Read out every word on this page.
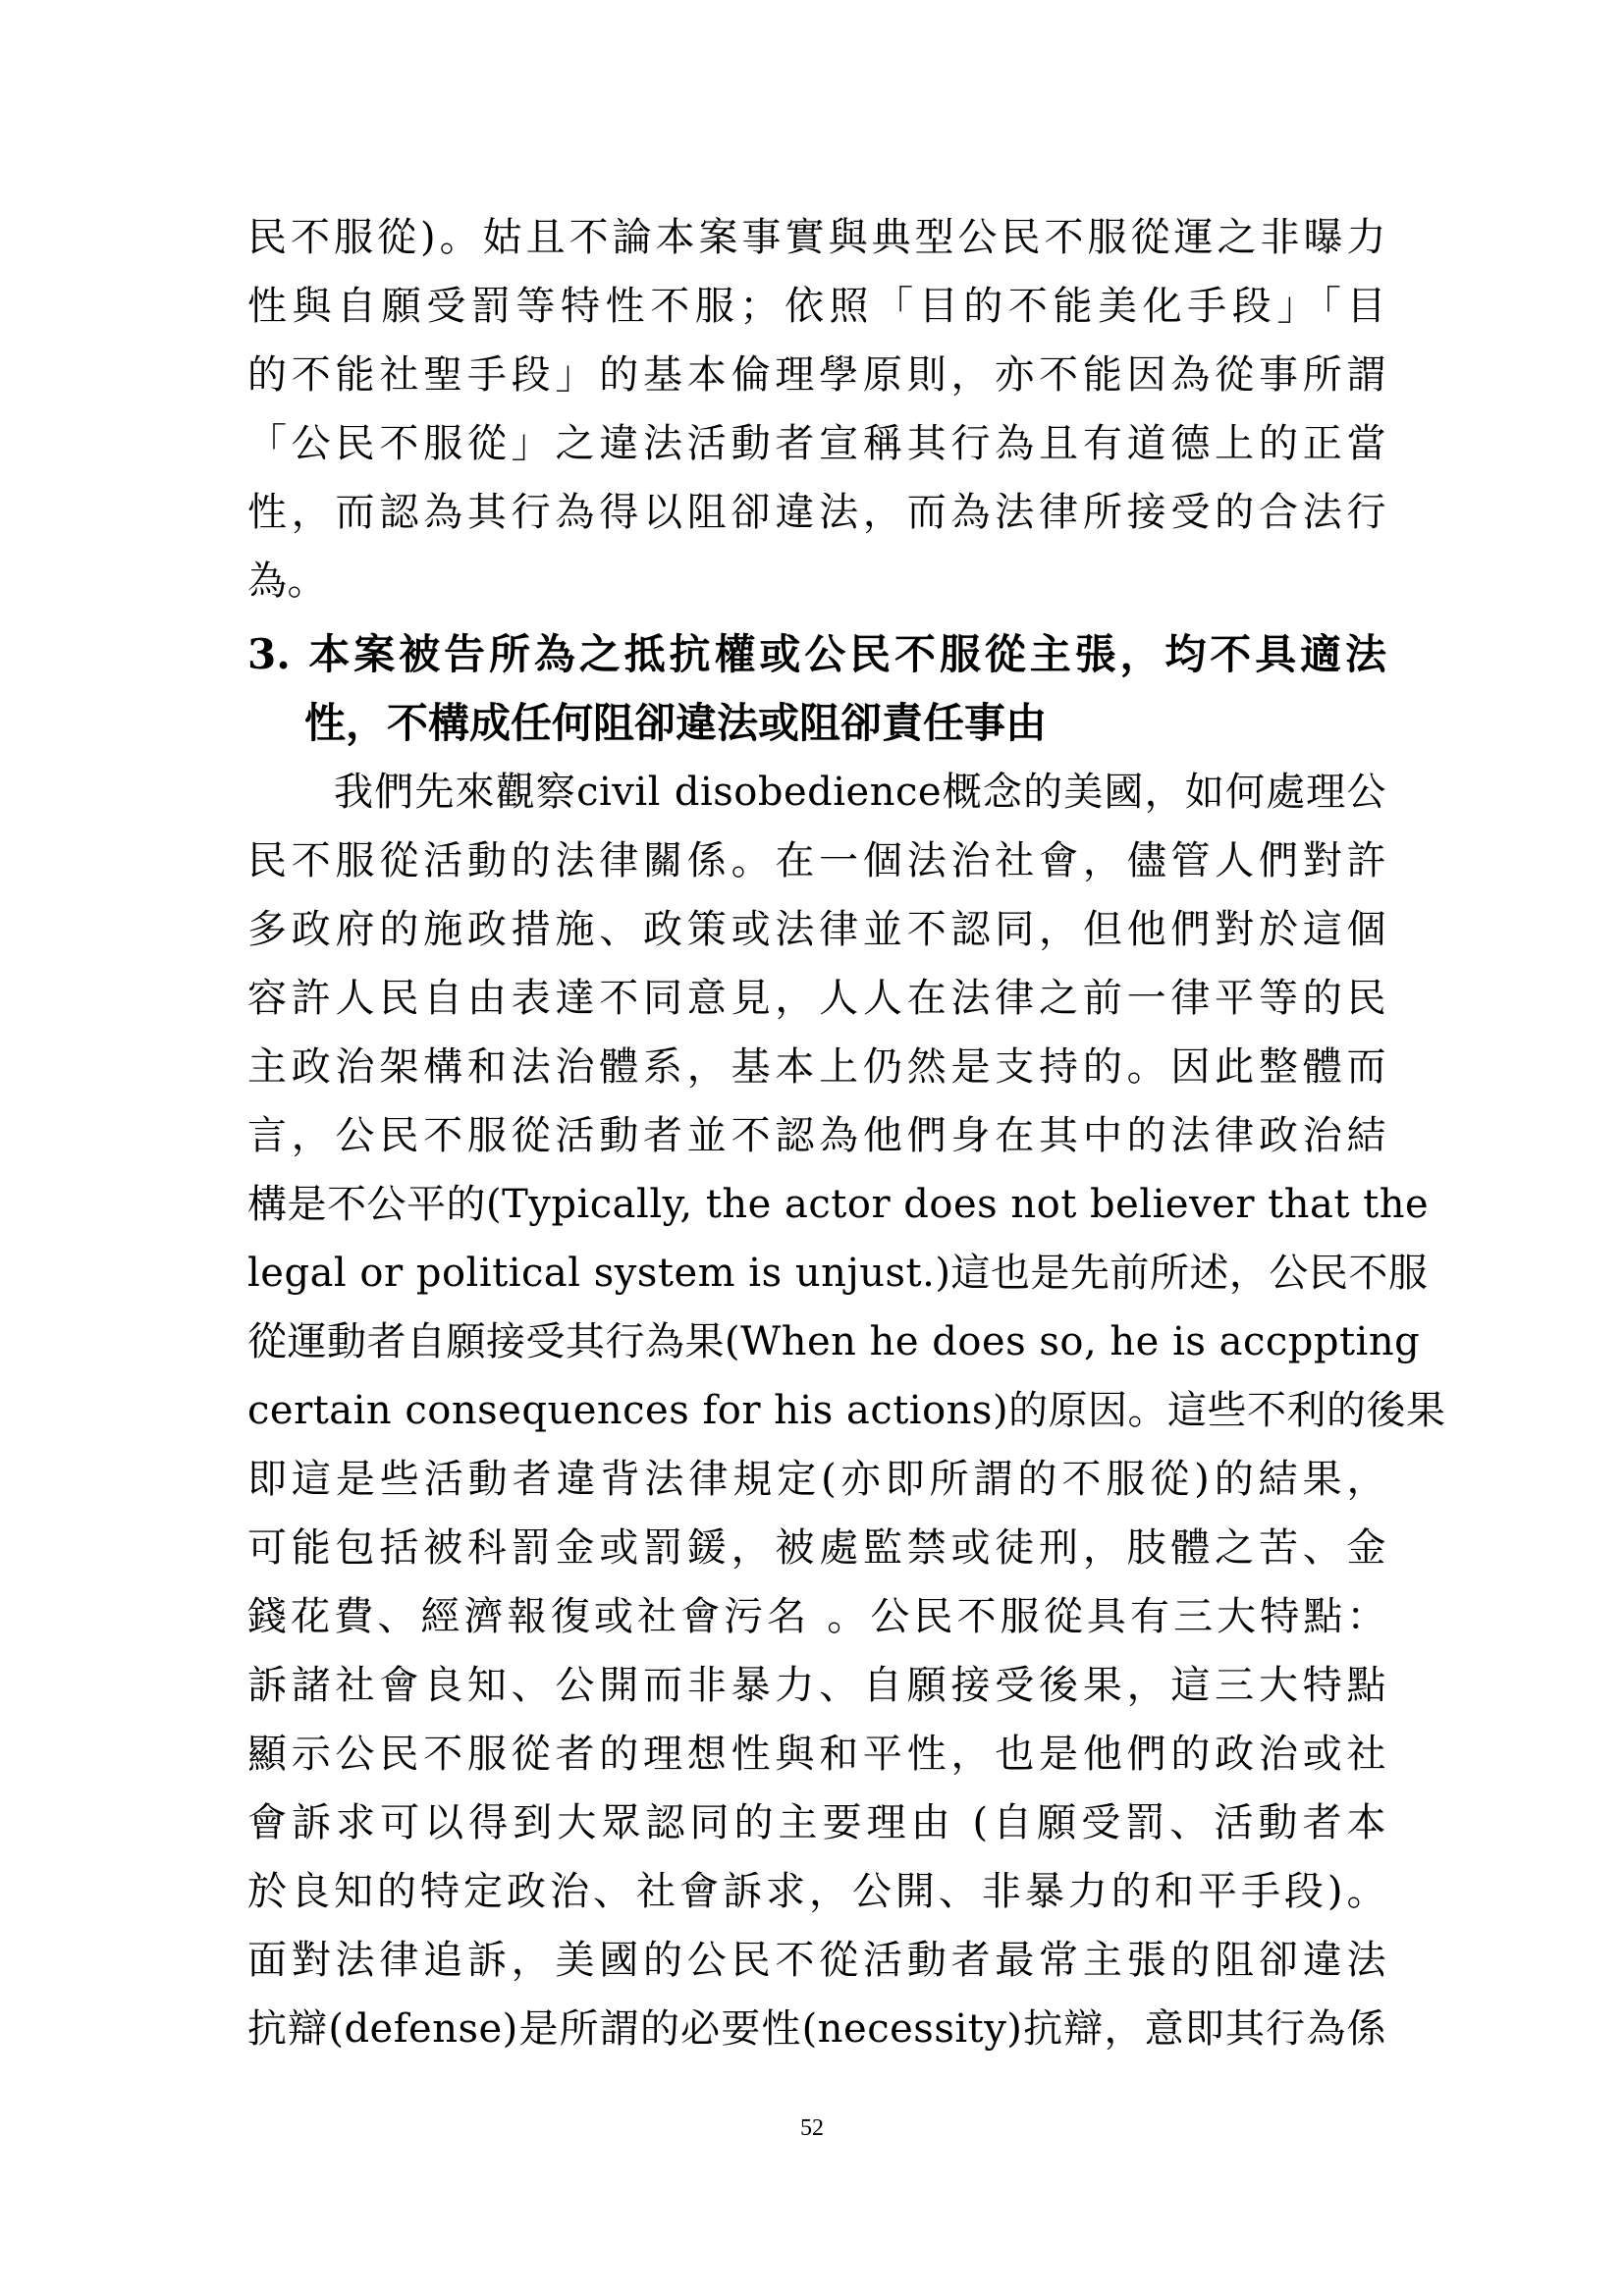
民不服從)。姑且不論本案事實與典型公民不服從運之非曝力
性與自願受罰等特性不服；依照「目的不能美化手段」「目
的不能社聖手段」的基本倫理學原則，亦不能因為從事所謂
「公民不服從」之違法活動者宣稱其行為且有道德上的正當
性，而認為其行為得以阻卻違法，而為法律所接受的合法行
為。
3. 本案被告所為之抵抗權或公民不服從主張，均不具適法
性，不構成任何阻卻違法或阻卻責任事由
我們先來觀察civil disobedience概念的美國，如何處理公
民不服從活動的法律關係。在一個法治社會，儘管人們對許
多政府的施政措施、政策或法律並不認同，但他們對於這個
容許人民自由表達不同意見，人人在法律之前一律平等的民
主政治架構和法治體系，基本上仍然是支持的。因此整體而
言，公民不服從活動者並不認為他們身在其中的法律政治結
構是不公平的(Typically, the actor does not believer that the
legal or political system is unjust.)這也是先前所述，公民不服
從運動者自願接受其行為果(When he does so, he is accppting
certain consequences for his actions)的原因。這些不利的後果
即這是些活動者違背法律規定(亦即所謂的不服從)的結果，
可能包括被科罰金或罰鍰，被處監禁或徒刑，肢體之苦、金
錢花費、經濟報復或社會污名 。公民不服從具有三大特點：
訴諸社會良知、公開而非暴力、自願接受後果，這三大特點
顯示公民不服從者的理想性與和平性，也是他們的政治或社
會訴求可以得到大眾認同的主要理由 (自願受罰、活動者本
於良知的特定政治、社會訴求，公開、非暴力的和平手段)。
面對法律追訴，美國的公民不從活動者最常主張的阻卻違法
抗辯(defense)是所謂的必要性(necessity)抗辯，意即其行為係
52
